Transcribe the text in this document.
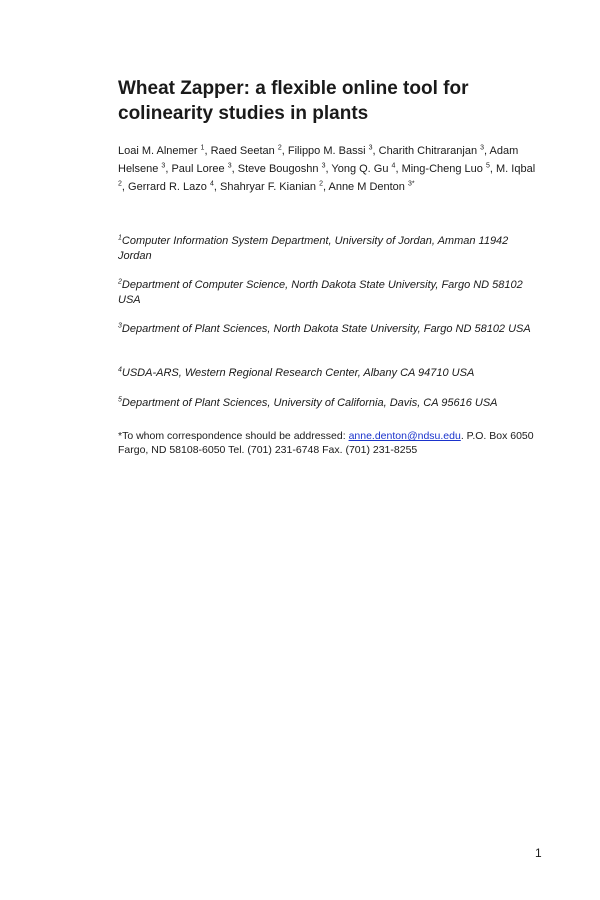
Wheat Zapper: a flexible online tool for colinearity studies in plants

Loai M. Alnemer $^1$, Raed Seetan $^2$, Filippo M. Bassi $^3$, Charith Chitraranjan $^3$, Adam Helsene $^3$, Paul Loree $^3$, Steve Bougoshn $^3$, Yong Q. Gu $^4$, Ming-Cheng Luo $^5$, M. Iqbal $^2$, Gerrard R. Lazo $^4$, Shahryar F. Kianian $^2$, Anne M Denton $^{3*}$

$^1$Computer Information System Department, University of Jordan, Amman 11942 Jordan

$^2$Department of Computer Science, North Dakota State University, Fargo ND 58102 USA

$^3$Department of Plant Sciences, North Dakota State University, Fargo ND 58102 USA

$^4$USDA-ARS, Western Regional Research Center, Albany CA 94710 USA

$^5$Department of Plant Sciences, University of California, Davis, CA 95616 USA

*To whom correspondence should be addressed: anne.denton@ndsu.edu. P.O. Box 6050 Fargo, ND 58108-6050 Tel. (701) 231-6748 Fax. (701) 231-8255

1
